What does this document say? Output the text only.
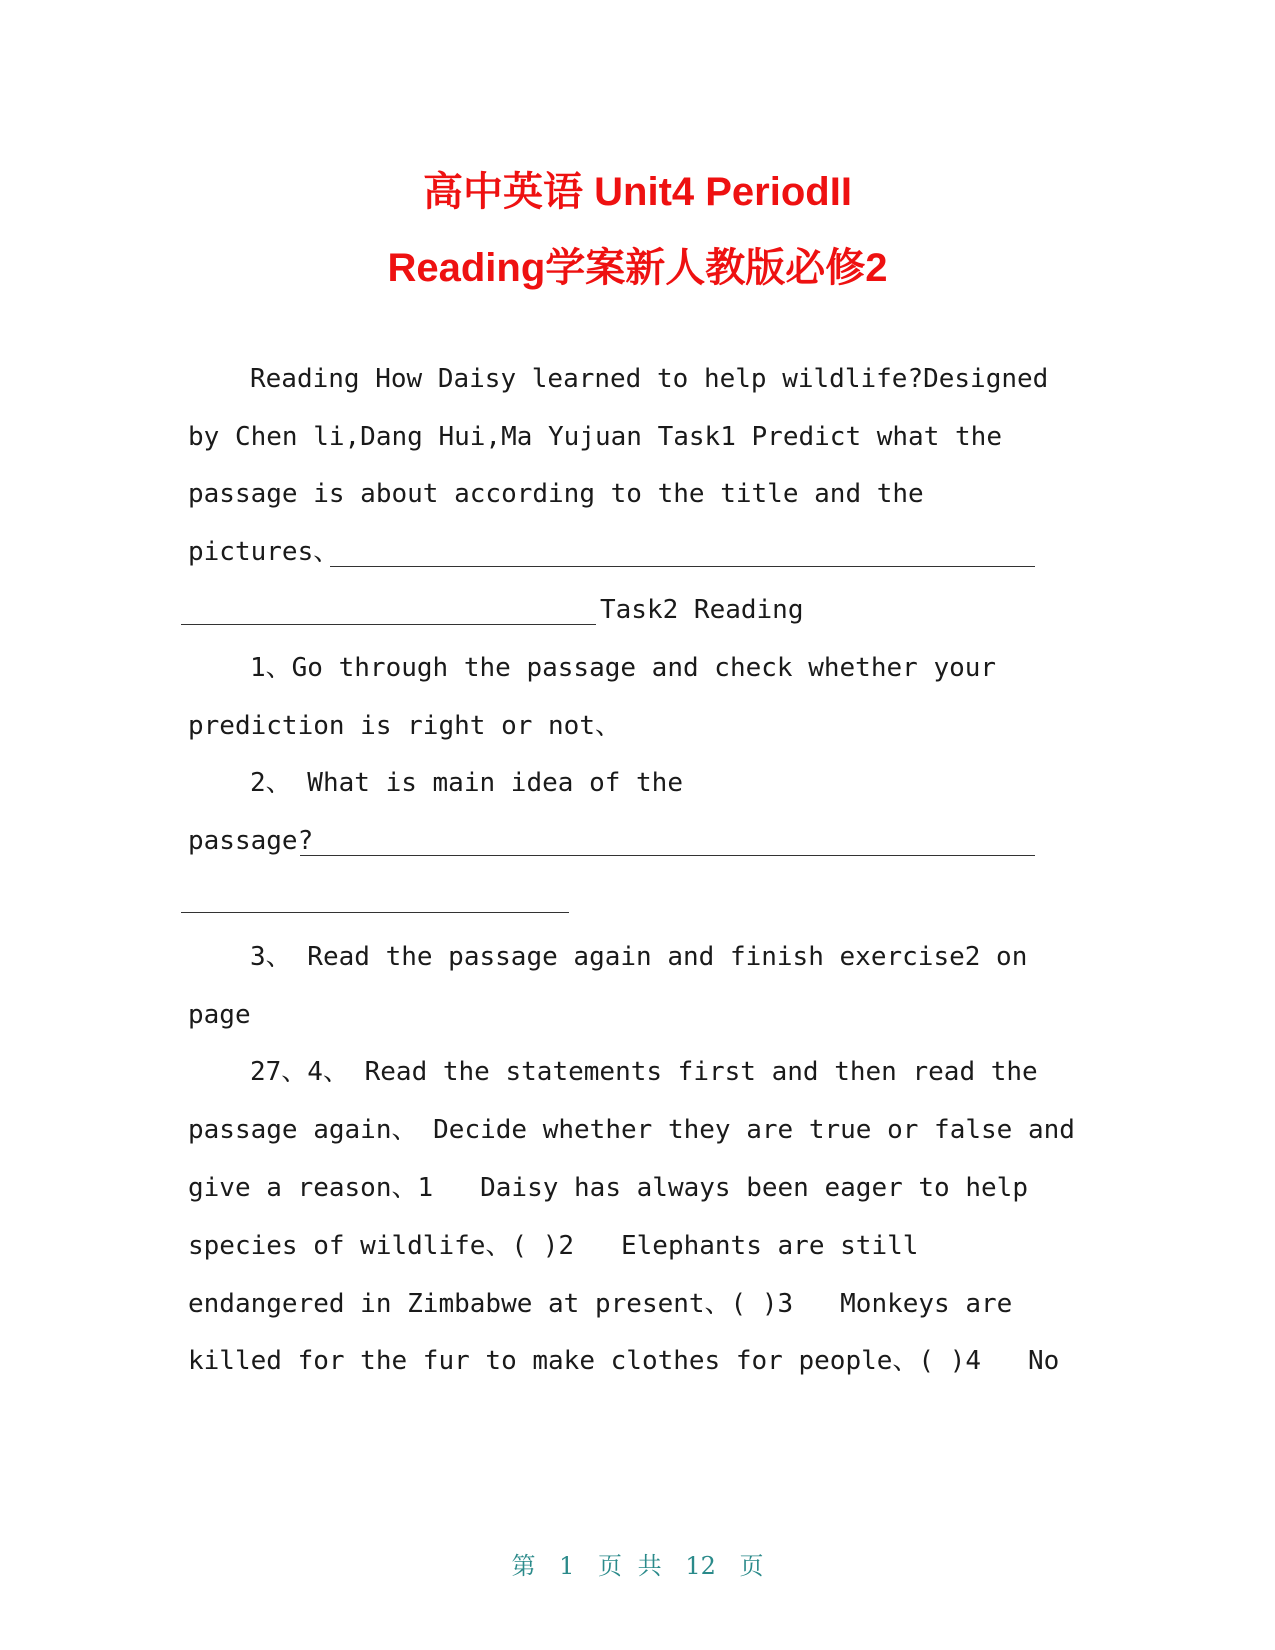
高中英语 Unit4 PeriodII
Reading学案新人教版必修2

Reading How Daisy learned to help wildlife?Designed

by Chen li,Dang Hui,Ma Yujuan Task1 Predict what the

passage is about according to the title and the

pictures、

Task2 Reading

1、Go through the passage and check whether your

prediction is right or not、

2、 What is main idea of the

passage?

3、 Read the passage again and finish exercise2 on

page

27、4、 Read the statements first and then read the

passage again、 Decide whether they are true or false and

give a reason、1   Daisy has always been eager to help

species of wildlife、( )2   Elephants are still

endangered in Zimbabwe at present、( )3   Monkeys are

killed for the fur to make clothes for people、( )4   No

第 1 页 共 12 页
